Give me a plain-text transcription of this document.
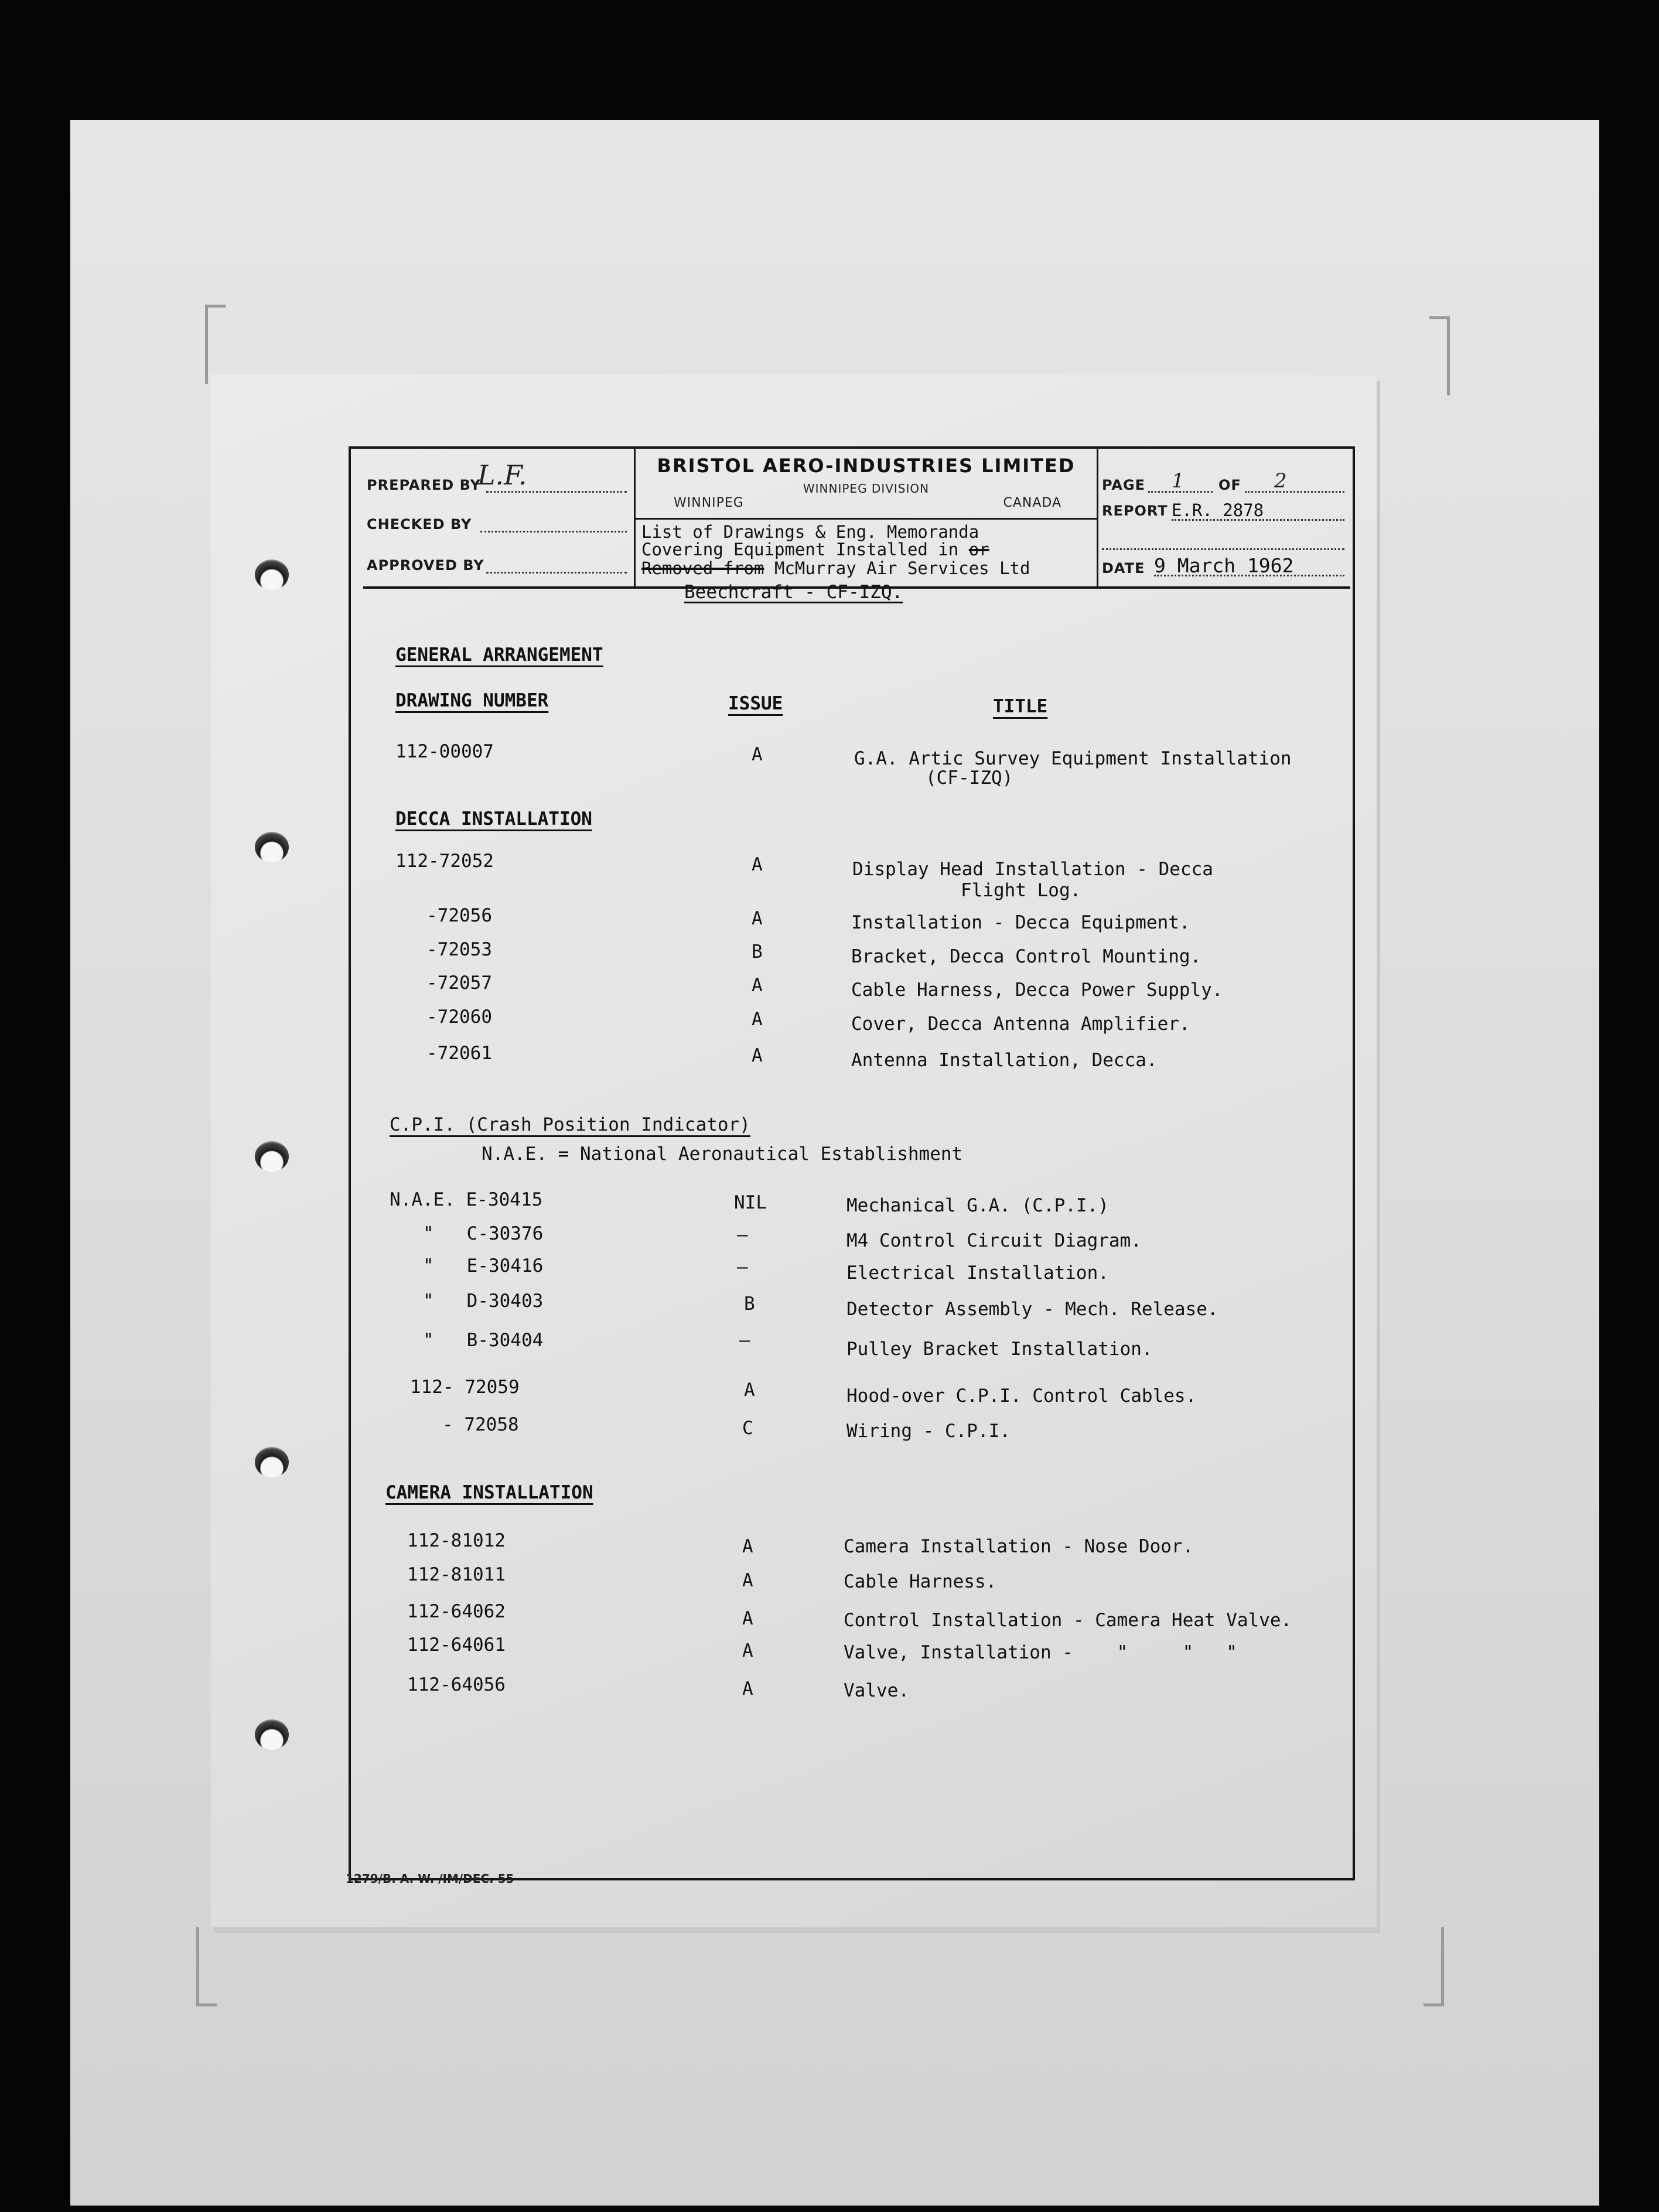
PREPARED BY
L.F.
CHECKED BY
APPROVED BY
BRISTOL AERO-INDUSTRIES LIMITED
WINNIPEG DIVISION
WINNIPEG	CANADA
List of Drawings & Eng. Memoranda
Covering Equipment Installed in or
Removed from McMurray Air Services Ltd
PAGE 1 OF 2
REPORT E.R. 2878
DATE 9 March 1962
Beechcraft - CF-IZQ.
GENERAL ARRANGEMENT
DRAWING NUMBER	ISSUE	TITLE
112-00007	A	G.A. Artic Survey Equipment Installation
(CF-IZQ)
DECCA INSTALLATION
112-72052	A	Display Head Installation - Decca
Flight Log.
-72056	A	Installation - Decca Equipment.
-72053	B	Bracket, Decca Control Mounting.
-72057	A	Cable Harness, Decca Power Supply.
-72060	A	Cover, Decca Antenna Amplifier.
-72061	A	Antenna Installation, Decca.
C.P.I. (Crash Position Indicator)
N.A.E. = National Aeronautical Establishment
N.A.E. E-30415	NIL	Mechanical G.A. (C.P.I.)
"   C-30376	—	M4 Control Circuit Diagram.
"   E-30416	—	Electrical Installation.
"   D-30403	B	Detector Assembly - Mech. Release.
"   B-30404	—	Pulley Bracket Installation.
112- 72059	A	Hood-over C.P.I. Control Cables.
- 72058	C	Wiring - C.P.I.
CAMERA INSTALLATION
112-81012	A	Camera Installation - Nose Door.
112-81011	A	Cable Harness.
112-64062	A	Control Installation - Camera Heat Valve.
112-64061	A	Valve, Installation -    "     "   "
112-64056	A	Valve.
1279/B. A. W. /IM/DEC. 55
